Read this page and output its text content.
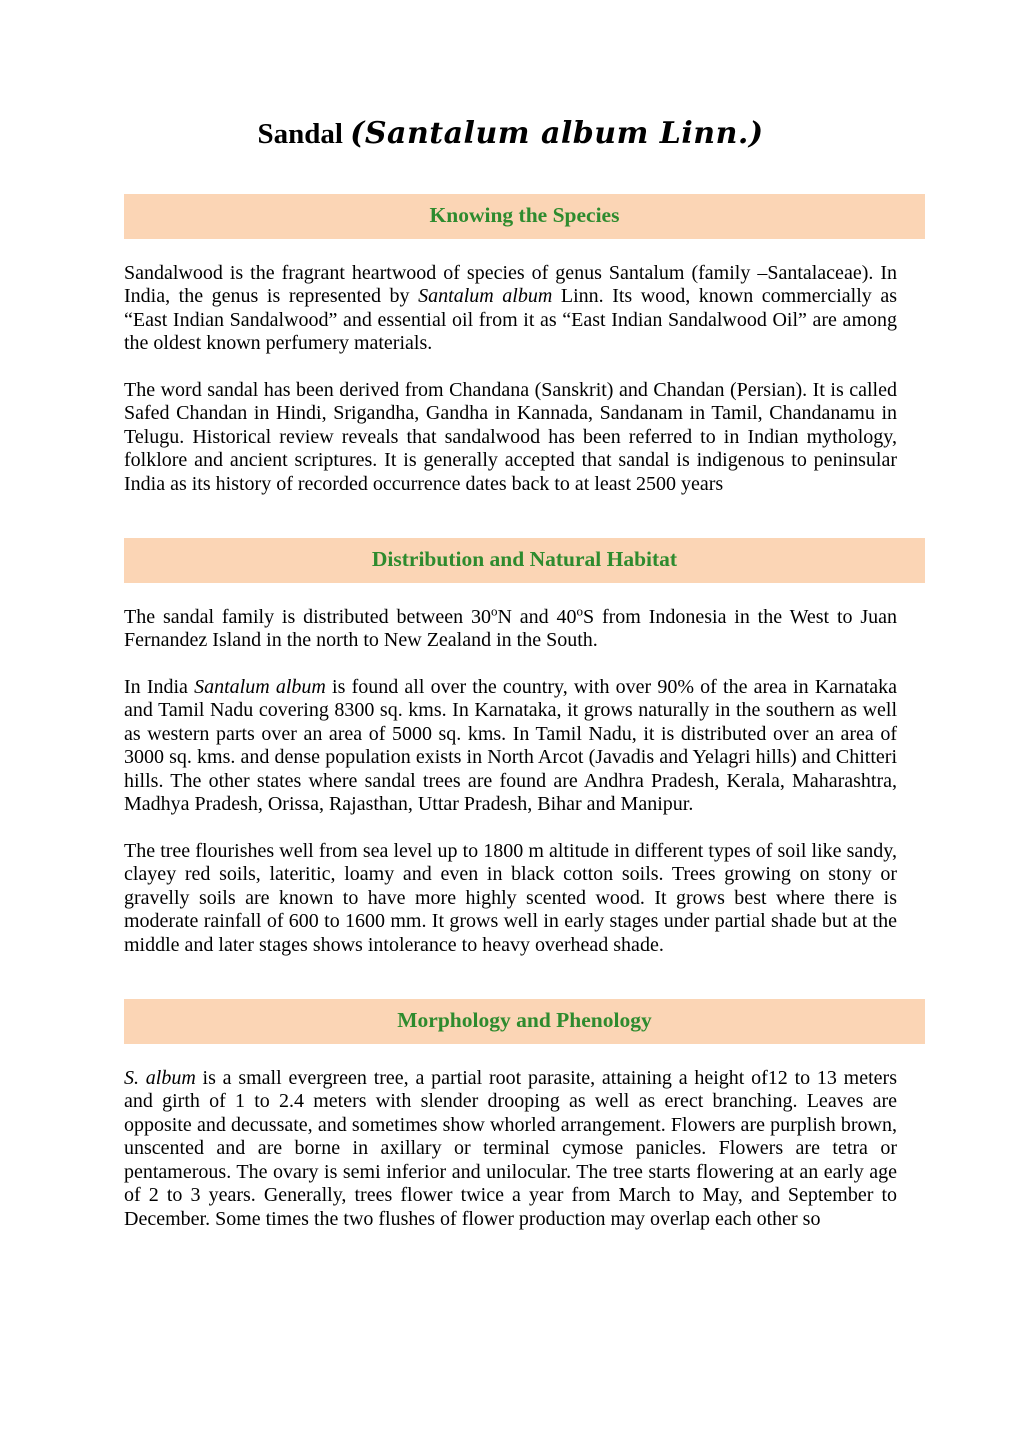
Sandal (Santalum album Linn.)
Knowing the Species

Sandalwood is the fragrant heartwood of species of genus Santalum (family –Santalaceae). In India, the genus is represented by Santalum album Linn. Its wood, known commercially as “East Indian Sandalwood” and essential oil from it as “East Indian Sandalwood Oil” are among the oldest known perfumery materials.

The word sandal has been derived from Chandana (Sanskrit) and Chandan (Persian). It is called Safed Chandan in Hindi, Srigandha, Gandha in Kannada, Sandanam in Tamil, Chandanamu in Telugu. Historical review reveals that sandalwood has been referred to in Indian mythology, folklore and ancient scriptures. It is generally accepted that sandal is indigenous to peninsular India as its history of recorded occurrence dates back to at least 2500 years

Distribution and Natural Habitat

The sandal family is distributed between 30$^o$N and 40$^o$S from Indonesia in the West to Juan Fernandez Island in the north to New Zealand in the South.

In India Santalum album is found all over the country, with over 90% of the area in Karnataka and Tamil Nadu covering 8300 sq. kms. In Karnataka, it grows naturally in the southern as well as western parts over an area of 5000 sq. kms. In Tamil Nadu, it is distributed over an area of 3000 sq. kms. and dense population exists in North Arcot (Javadis and Yelagri hills) and Chitteri hills. The other states where sandal trees are found are Andhra Pradesh, Kerala, Maharashtra, Madhya Pradesh, Orissa, Rajasthan, Uttar Pradesh, Bihar and Manipur.

The tree flourishes well from sea level up to 1800 m altitude in different types of soil like sandy, clayey red soils, lateritic, loamy and even in black cotton soils. Trees growing on stony or gravelly soils are known to have more highly scented wood. It grows best where there is moderate rainfall of 600 to 1600 mm. It grows well in early stages under partial shade but at the middle and later stages shows intolerance to heavy overhead shade.

Morphology and Phenology

S. album is a small evergreen tree, a partial root parasite, attaining a height of12 to 13 meters and girth of 1 to 2.4 meters with slender drooping as well as erect branching. Leaves are opposite and decussate, and sometimes show whorled arrangement. Flowers are purplish brown, unscented and are borne in axillary or terminal cymose panicles. Flowers are tetra or pentamerous. The ovary is semi inferior and unilocular. The tree starts flowering at an early age of 2 to 3 years. Generally, trees flower twice a year from March to May, and September to December. Some times the two flushes of flower production may overlap each other so
